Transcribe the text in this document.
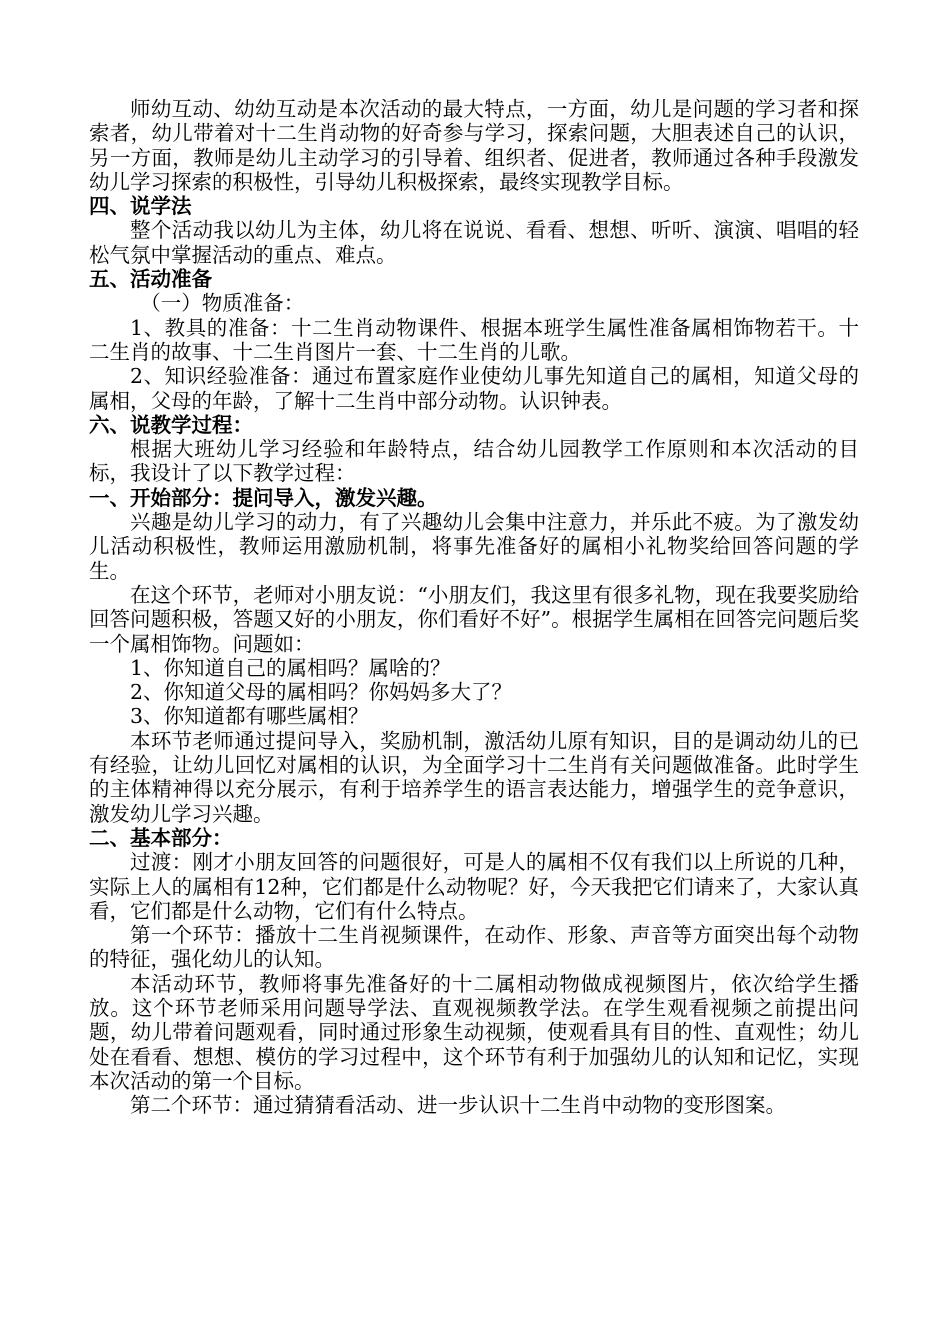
师幼互动、幼幼互动是本次活动的最大特点，一方面，幼儿是问题的学习者和探索者，幼儿带着对十二生肖动物的好奇参与学习，探索问题，大胆表述自己的认识，另一方面，教师是幼儿主动学习的引导着、组织者、促进者，教师通过各种手段激发幼儿学习探索的积极性，引导幼儿积极探索，最终实现教学目标。

四、说学法

整个活动我以幼儿为主体，幼儿将在说说、看看、想想、听听、演演、唱唱的轻松气氛中掌握活动的重点、难点。

五、活动准备

（一）物质准备：

1、教具的准备：十二生肖动物课件、根据本班学生属性准备属相饰物若干。十二生肖的故事、十二生肖图片一套、十二生肖的儿歌。

2、知识经验准备：通过布置家庭作业使幼儿事先知道自己的属相，知道父母的属相，父母的年龄，了解十二生肖中部分动物。认识钟表。

六、说教学过程：

根据大班幼儿学习经验和年龄特点，结合幼儿园教学工作原则和本次活动的目标，我设计了以下教学过程：

一、开始部分：提问导入，激发兴趣。

兴趣是幼儿学习的动力，有了兴趣幼儿会集中注意力，并乐此不疲。为了激发幼儿活动积极性，教师运用激励机制，将事先准备好的属相小礼物奖给回答问题的学生。

在这个环节，老师对小朋友说：“小朋友们，我这里有很多礼物，现在我要奖励给回答问题积极，答题又好的小朋友，你们看好不好”。根据学生属相在回答完问题后奖一个属相饰物。问题如：

1、你知道自己的属相吗？属啥的？

2、你知道父母的属相吗？你妈妈多大了？

3、你知道都有哪些属相？

本环节老师通过提问导入，奖励机制，激活幼儿原有知识，目的是调动幼儿的已有经验，让幼儿回忆对属相的认识，为全面学习十二生肖有关问题做准备。此时学生的主体精神得以充分展示，有利于培养学生的语言表达能力，增强学生的竞争意识，激发幼儿学习兴趣。

二、基本部分：

过渡：刚才小朋友回答的问题很好，可是人的属相不仅有我们以上所说的几种，实际上人的属相有12种，它们都是什么动物呢？好，今天我把它们请来了，大家认真看，它们都是什么动物，它们有什么特点。

第一个环节：播放十二生肖视频课件，在动作、形象、声音等方面突出每个动物的特征，强化幼儿的认知。

本活动环节，教师将事先准备好的十二属相动物做成视频图片，依次给学生播放。这个环节老师采用问题导学法、直观视频教学法。在学生观看视频之前提出问题，幼儿带着问题观看，同时通过形象生动视频，使观看具有目的性、直观性；幼儿处在看看、想想、模仿的学习过程中，这个环节有利于加强幼儿的认知和记忆，实现本次活动的第一个目标。

第二个环节：通过猜猜看活动、进一步认识十二生肖中动物的变形图案。
